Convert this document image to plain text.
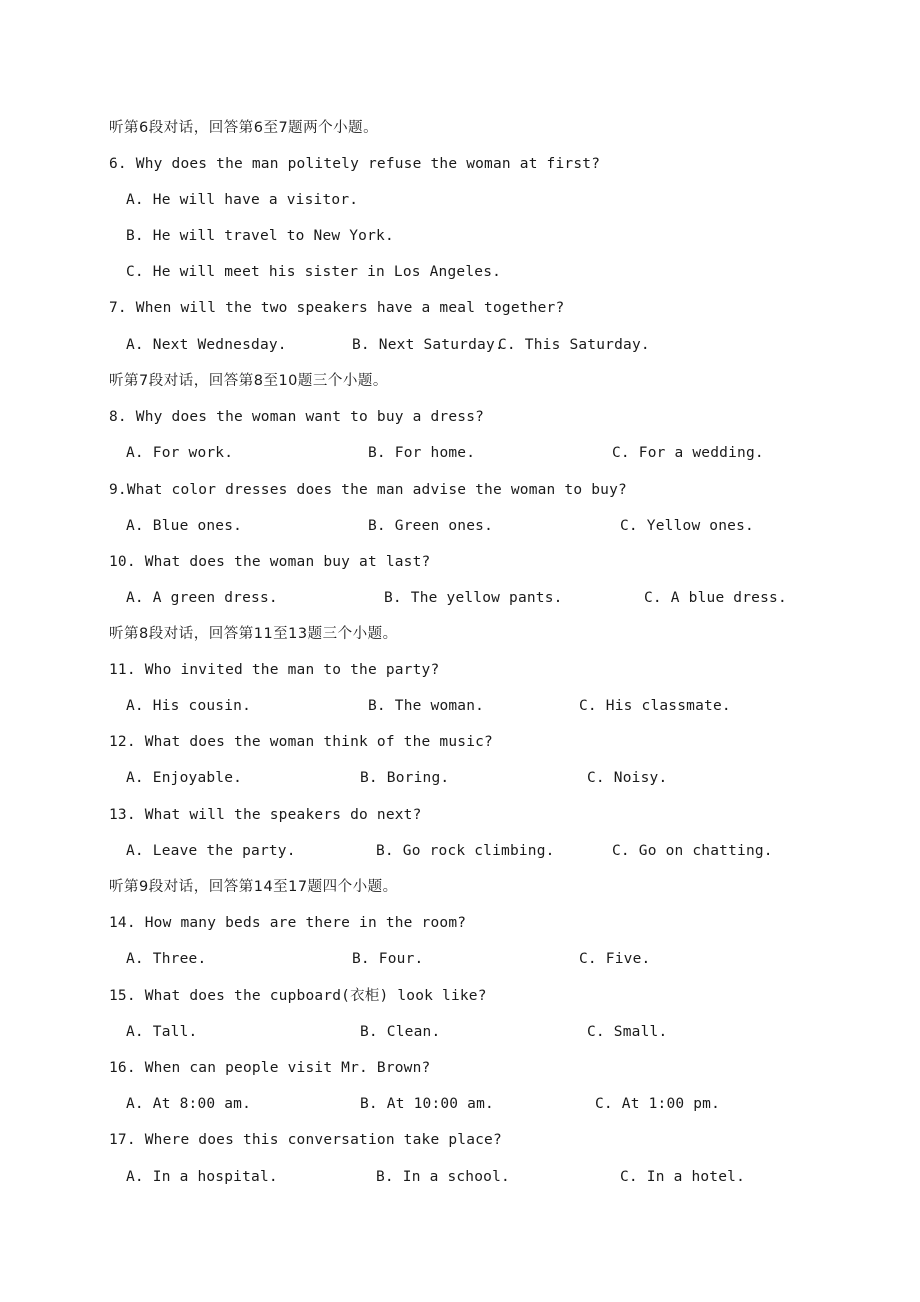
听第6段对话，回答第6至7题两个小题。
6. Why does the man politely refuse the woman at first?
A. He will have a visitor.
B. He will travel to New York.
C. He will meet his sister in Los Angeles.
7. When will the two speakers have a meal together?
A. Next Wednesday.	B. Next Saturday.
C. This Saturday.
听第7段对话，回答第8至10题三个小题。
8. Why does the woman want to buy a dress?
A. For work.	B. For home.	C. For a wedding.
9.What color dresses does the man advise the woman to buy?
A. Blue ones.	B. Green ones.	C. Yellow ones.
10. What does the woman buy at last?
A. A green dress.	B. The yellow pants.	C. A blue dress.
听第8段对话，回答第11至13题三个小题。
11. Who invited the man to the party?
A. His cousin.	B. The woman.	C. His classmate.
12. What does the woman think of the music?
A. Enjoyable.	B. Boring.	C. Noisy.
13. What will the speakers do next?
A. Leave the party.	B. Go rock climbing.	C. Go on chatting.
听第9段对话，回答第14至17题四个小题。
14. How many beds are there in the room?
A. Three.	B. Four.	C. Five.
15. What does the cupboard(衣柜) look like?
A. Tall.	B. Clean.	C. Small.
16. When can people visit Mr. Brown?
A. At 8:00 am.	B. At 10:00 am.	C. At 1:00 pm.
17. Where does this conversation take place?
A. In a hospital.	B. In a school.	C. In a hotel.
